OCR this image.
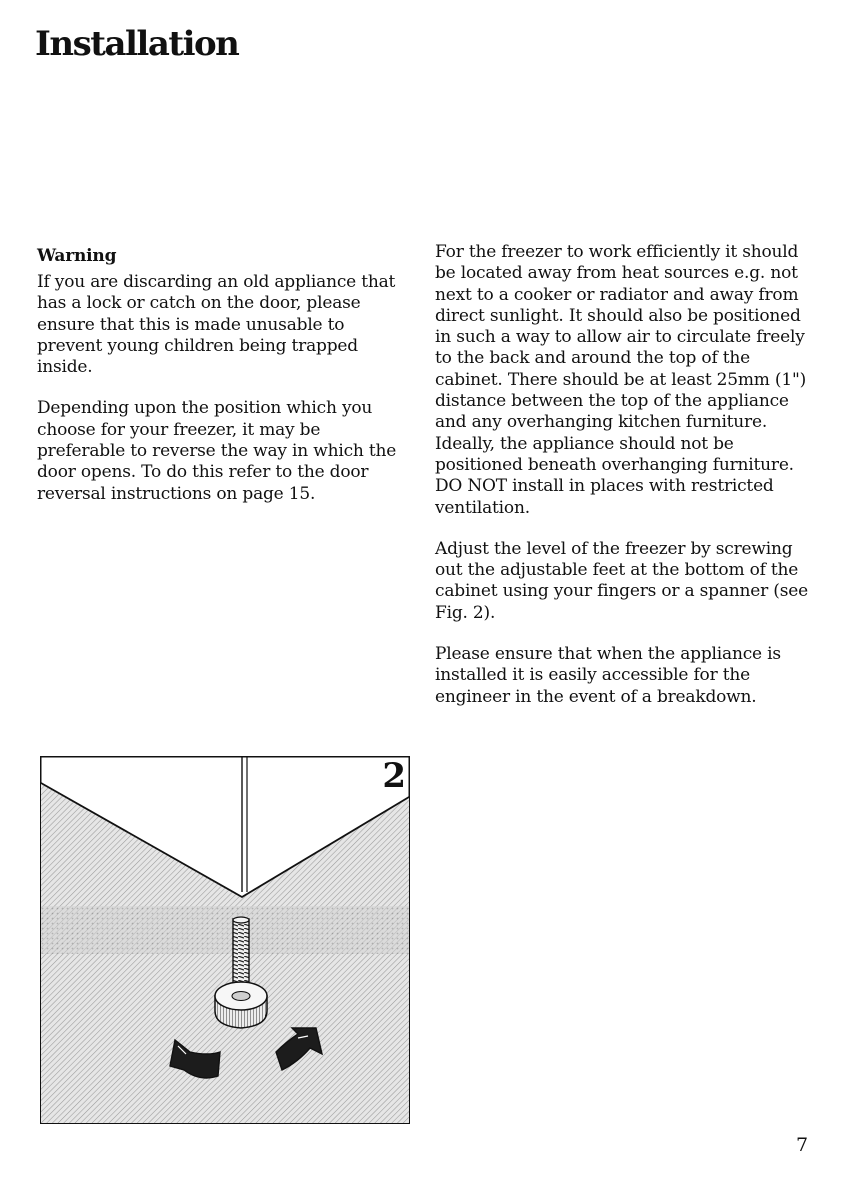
Installation
Warning

If you are discarding an old appliance that has a lock or catch on the door, please ensure that this is made unusable to prevent young children being trapped inside.

Depending upon the position which you choose for your freezer, it may be preferable to reverse the way in which the door opens. To do this refer to the door reversal instructions on page 15.

For the freezer to work efficiently it should be located away from heat sources e.g. not next to a cooker or radiator and away from direct sunlight. It should also be positioned in such a way to allow air to circulate freely to the back and around the top of the cabinet. There should be at least 25mm (1") distance between the top of the appliance and any overhanging kitchen furniture. Ideally, the appliance should not be positioned beneath overhanging furniture. DO NOT install in places with restricted ventilation.

Adjust the level of the freezer by screwing out the adjustable feet at the bottom of the cabinet using your fingers or a spanner (see Fig. 2).

Please ensure that when the appliance is installed it is easily accessible for the engineer in the event of a breakdown.

2
7
